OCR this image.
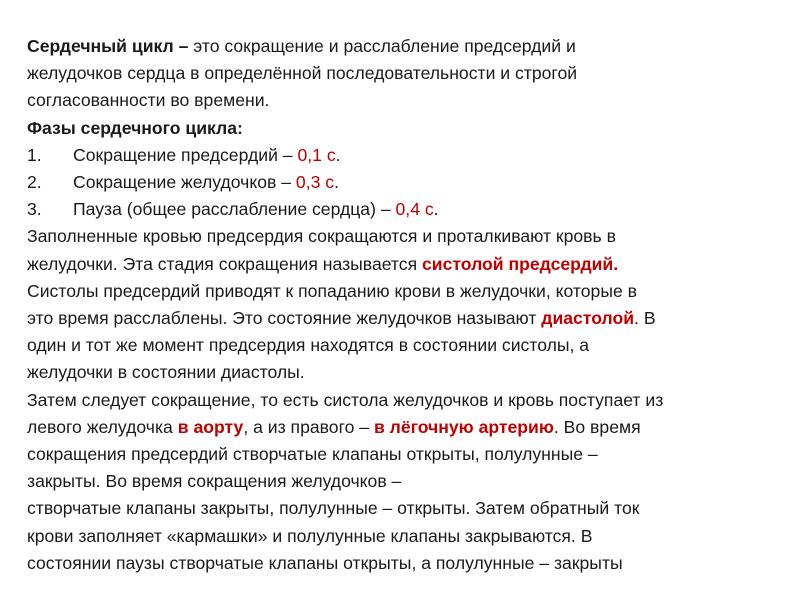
Сердечный цикл – это сокращение и расслабление предсердий и
желудочков сердца в определённой последовательности и строгой
согласованности во времени.
Фазы сердечного цикла:
1. Сокращение предсердий – 0,1 с.
2. Сокращение желудочков – 0,3 с.
3. Пауза (общее расслабление сердца) – 0,4 с.
Заполненные кровью предсердия сокращаются и проталкивают кровь в
желудочки. Эта стадия сокращения называется систолой предсердий.
Систолы предсердий приводят к попаданию крови в желудочки, которые в
это время расслаблены. Это состояние желудочков называют диастолой. В
один и тот же момент предсердия находятся в состоянии систолы, а
желудочки в состоянии диастолы.
Затем следует сокращение, то есть систола желудочков и кровь поступает из
левого желудочка в аорту, а из правого – в лёгочную артерию. Во время
сокращения предсердий створчатые клапаны открыты, полулунные –
закрыты. Во время сокращения желудочков –
створчатые клапаны закрыты, полулунные – открыты. Затем обратный ток
крови заполняет «кармашки» и полулунные клапаны закрываются. В
состоянии паузы створчатые клапаны открыты, а полулунные – закрыты
